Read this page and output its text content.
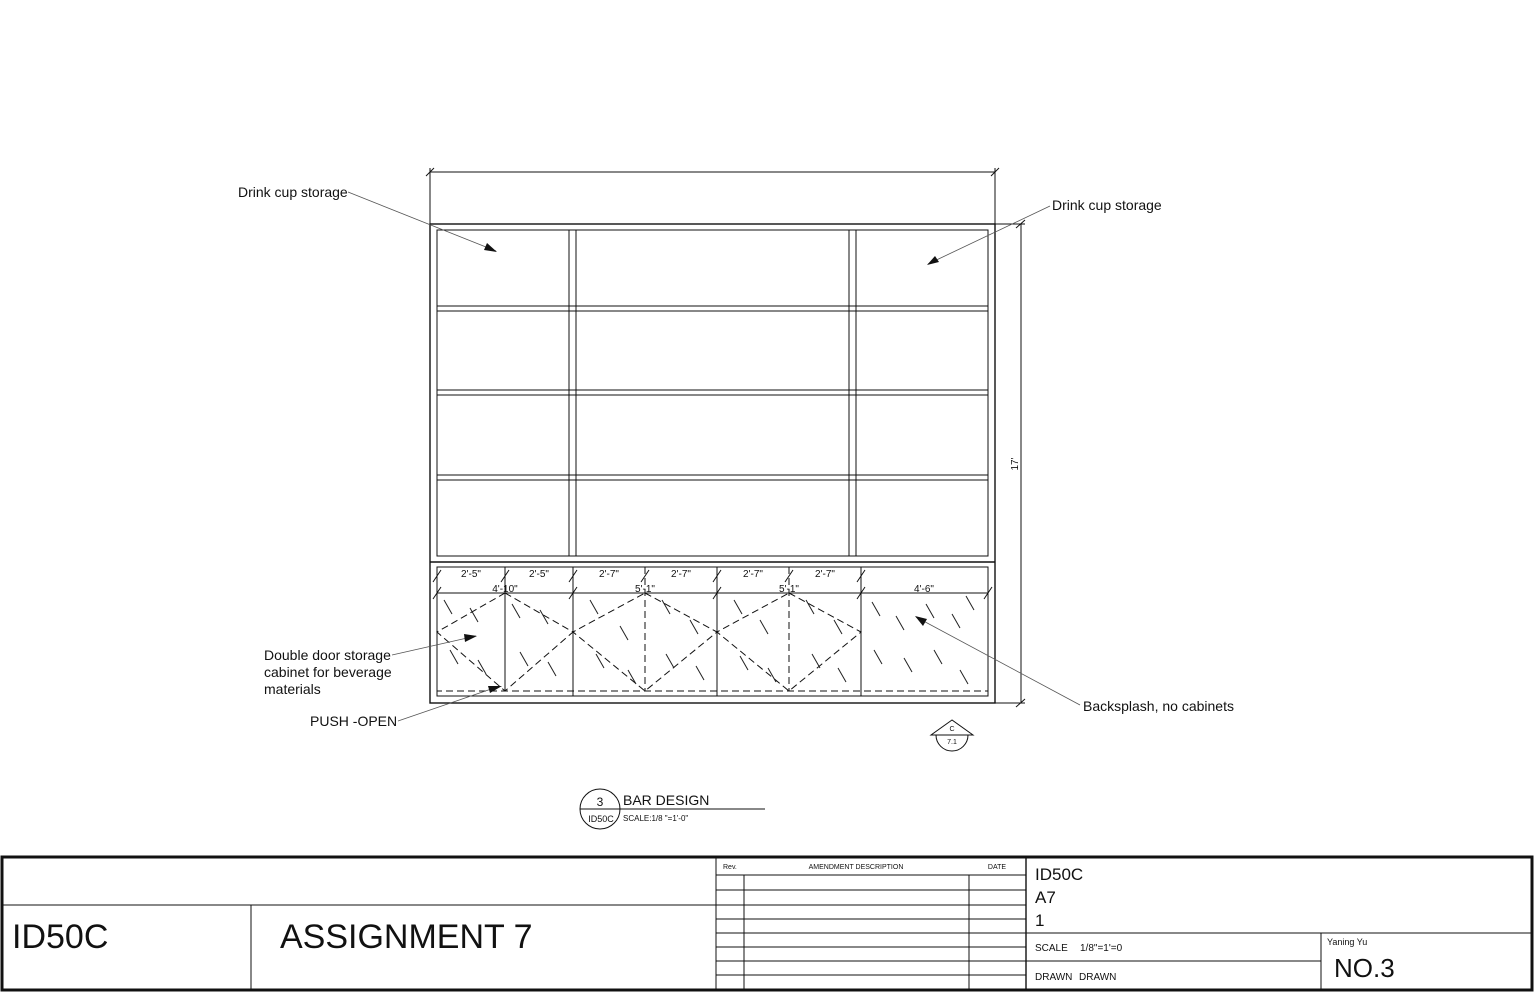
2'-5"	2'-5"	2'-7"	2'-7"	2'-7"	2'-7"
4'-10"	5'-1"	5'-1"	4'-6"
17'
C
7.1
Drink cup storage
Drink cup storage
Double door storage
cabinet for beverage
materials
PUSH -OPEN
Backsplash, no cabinets
3
ID50C
BAR DESIGN
SCALE:1/8 "=1'-0"
ID50C	ASSIGNMENT 7
Rev.	AMENDMENT DESCRIPTION	DATE ID50C
A7
1
SCALE 1/8"=1'=0
DRAWN DRAWN
Yaning Yu
NO.3
